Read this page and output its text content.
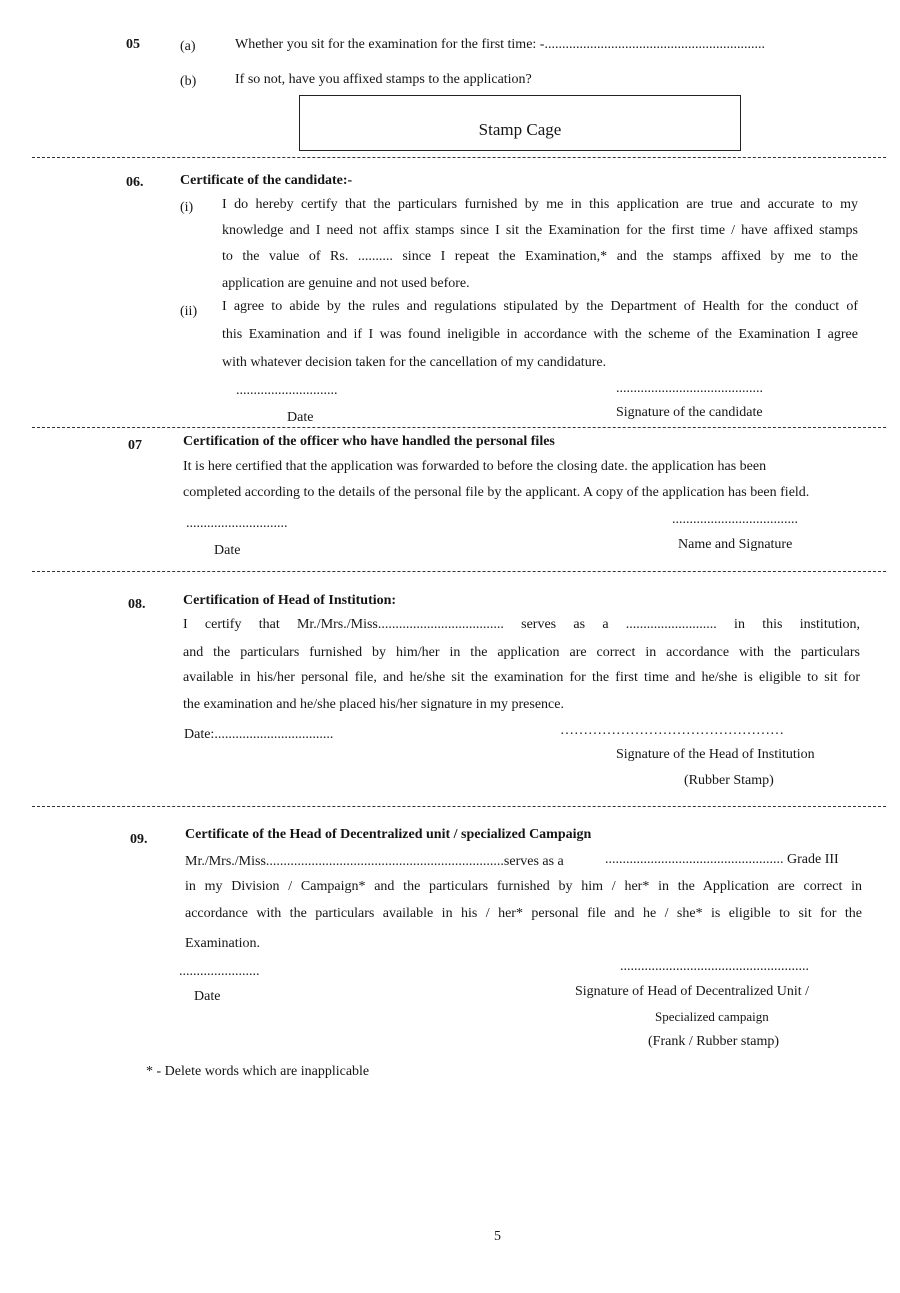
05	(a)	Whether you sit for the examination for the first time: -...............................................................
(b)	If so not, have you affixed stamps to the application?
Stamp Cage
06.	Certificate of the candidate:-
(i) I do hereby certify that the particulars furnished by me in this application are true and accurate to my
knowledge and I need not affix stamps since I sit the Examination for the first time / have affixed stamps
to the value of Rs. .......... since I repeat the Examination,* and the stamps affixed by me to the
application are genuine and not used before.
(ii) I agree to abide by the rules and regulations stipulated by the Department of Health for the conduct of
this Examination and if I was found ineligible in accordance with the scheme of the Examination I agree
with whatever decision taken for the cancellation of my candidature.
.............................
Date
..........................................
Signature of the candidate
07	Certification of the officer who have handled the personal files
It is here certified that the application was forwarded to before the closing date. the application has been
completed according to the details of the personal file by the applicant. A copy of the application has been field.
.............................
Date
....................................
Name and Signature
08.	Certification of Head of Institution:
I certify that Mr./Mrs./Miss.................................... serves as a .......................... in this institution,
and the particulars furnished by him/her in the application are correct in accordance with the particulars
available in his/her personal file, and he/she sit the examination for the first time and he/she is eligible to sit for
the examination and he/she placed his/her signature in my presence.
Date:..................................	…………………………………………
Signature of the Head of Institution
(Rubber Stamp)
09.	Certificate of the Head of Decentralized unit / specialized Campaign
Mr./Mrs./Miss....................................................................serves as a	................................................... Grade III
in my Division / Campaign* and the particulars furnished by him / her* in the Application are correct in
accordance with the particulars available in his / her* personal file and he / she* is eligible to sit for the
Examination.
.......................
Date
......................................................
Signature of Head of Decentralized Unit /
Specialized campaign
(Frank / Rubber stamp)
* - Delete words which are inapplicable
5
